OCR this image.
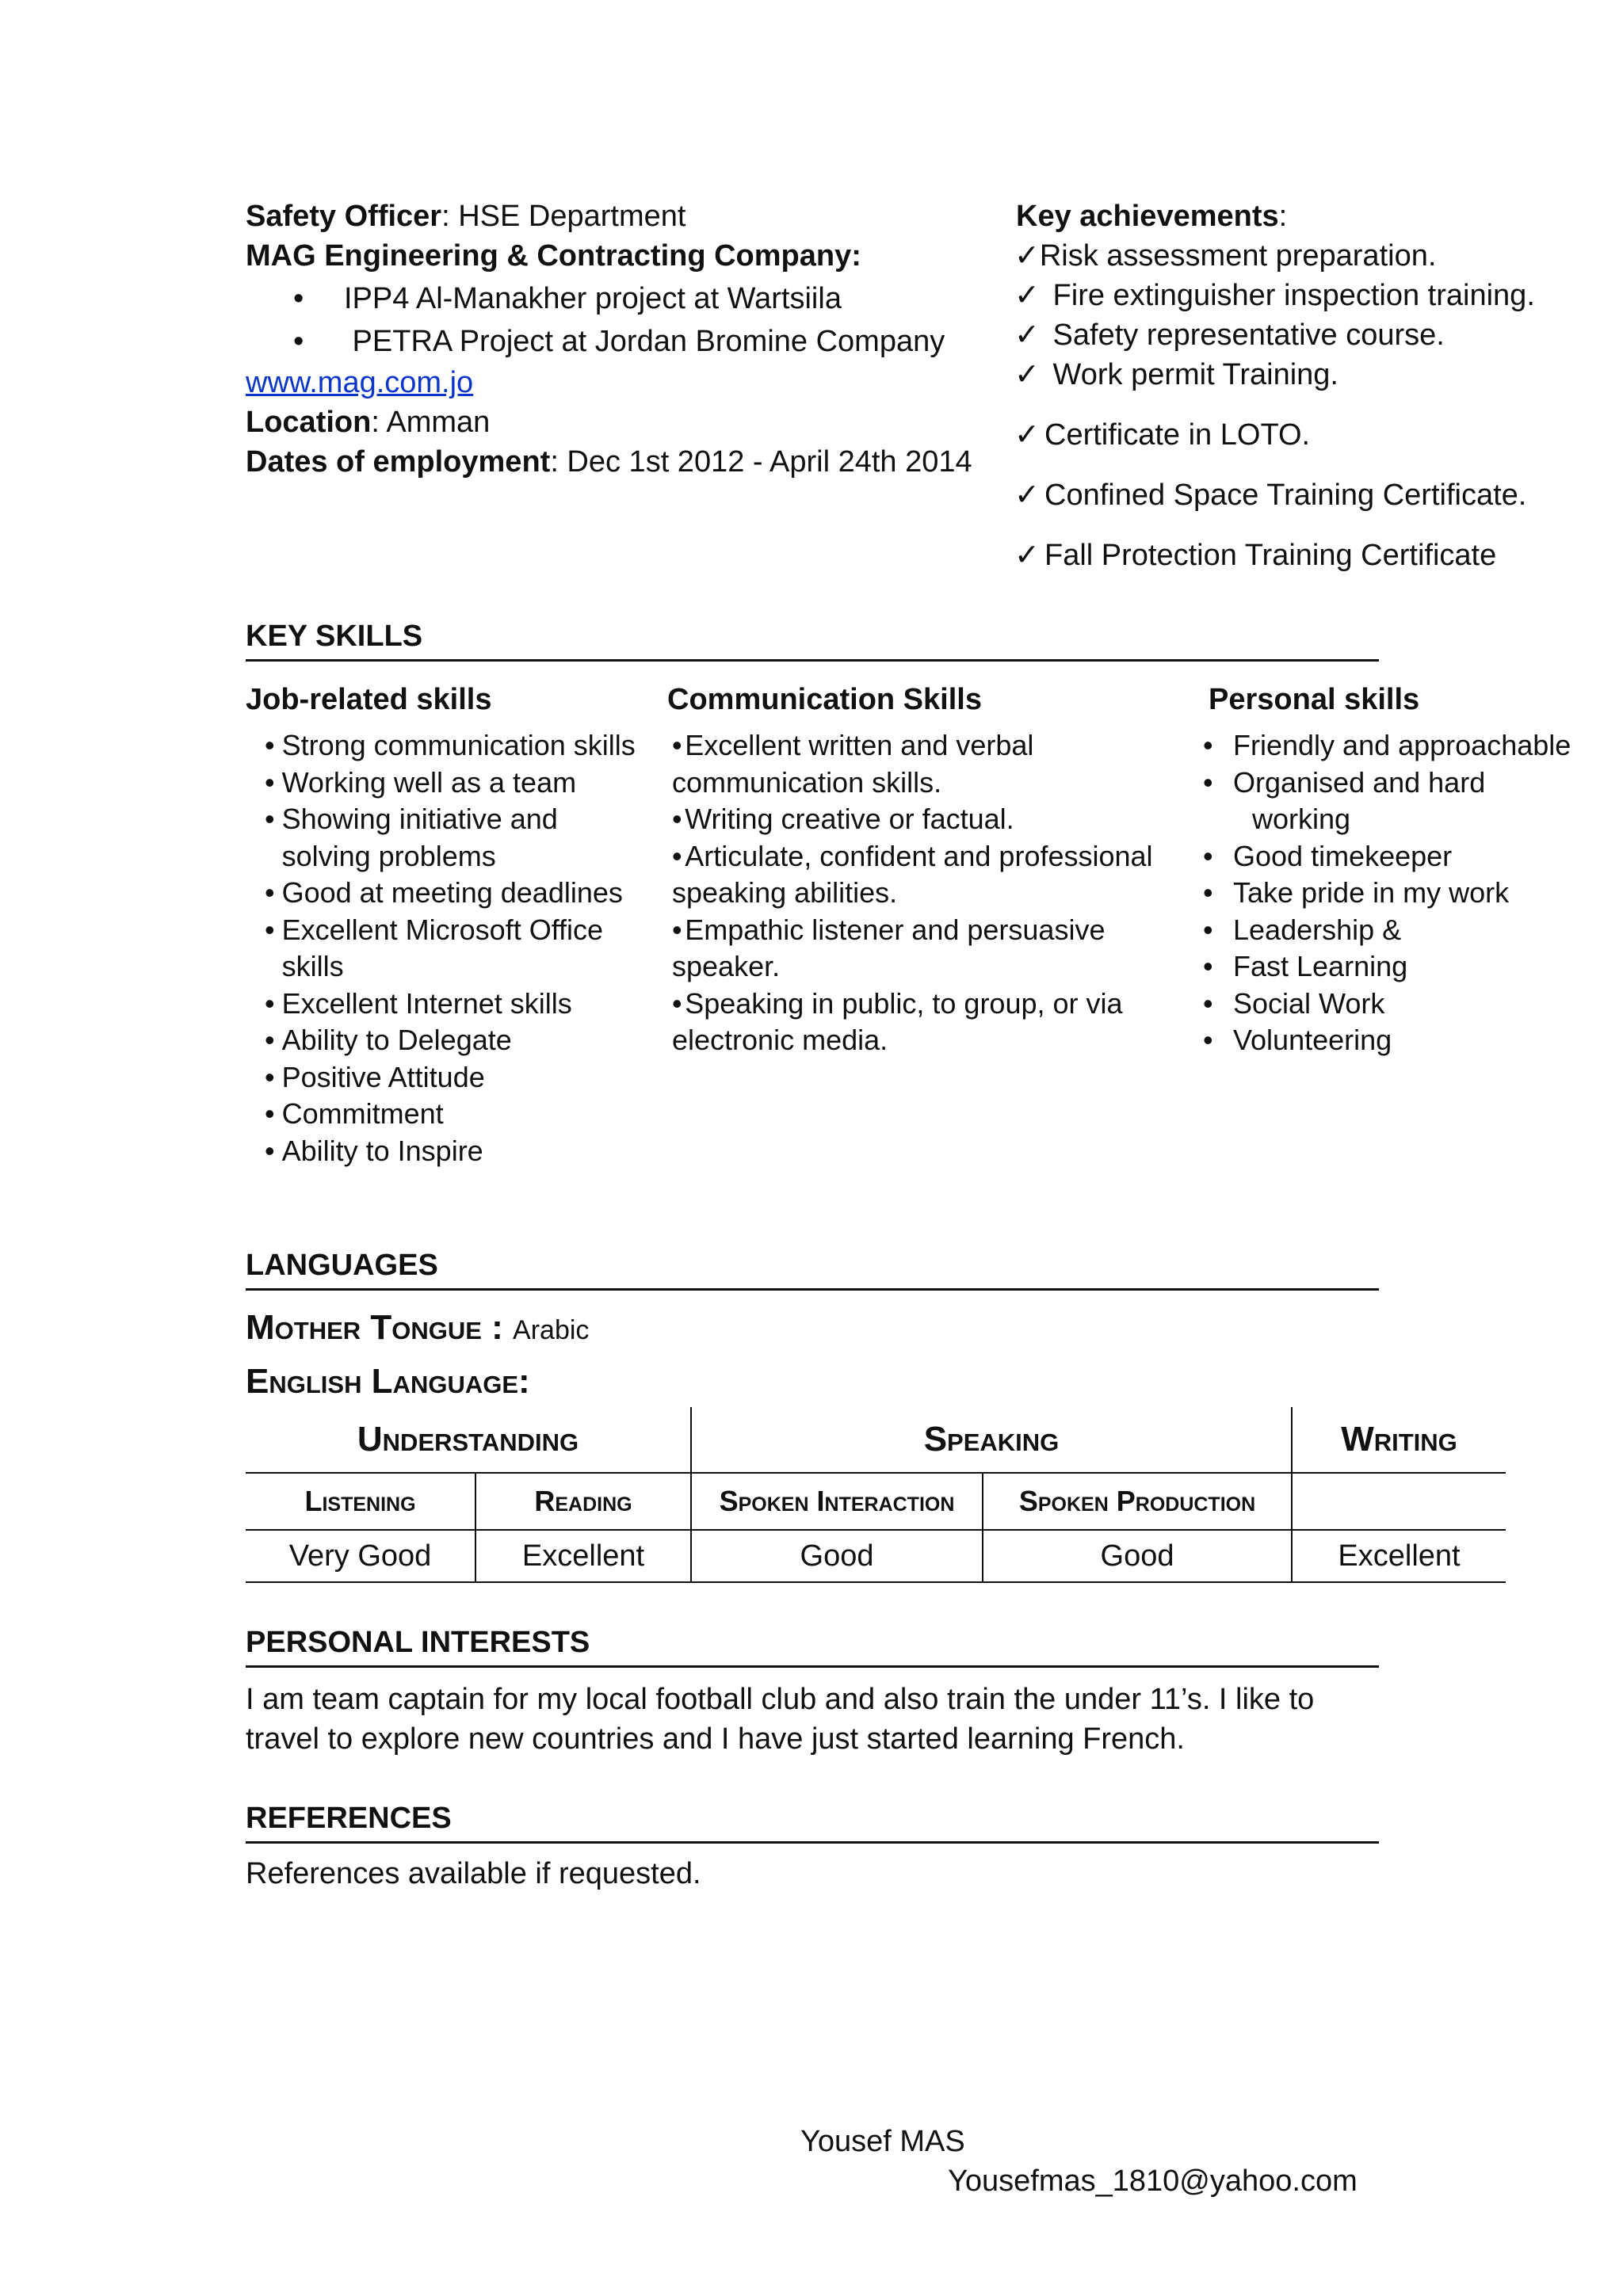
Safety Officer: HSE Department
MAG Engineering & Contracting Company:
• IPP4 Al-Manakher project at Wartsiila
• PETRA Project at Jordan Bromine Company
www.mag.com.jo
Location: Amman
Dates of employment: Dec 1st 2012 - April 24th 2014
Key achievements:
✓Risk assessment preparation.
✓ Fire extinguisher inspection training.
✓ Safety representative course.
✓ Work permit Training.
✓ Certificate in LOTO.
✓ Confined Space Training Certificate.
✓ Fall Protection Training Certificate
KEY SKILLS
Job-related skills	Communication Skills	Personal skills
• Strong communication skills
• Working well as a team
• Showing initiative and
solving problems
• Good at meeting deadlines
• Excellent Microsoft Office
skills
• Excellent Internet skills
• Ability to Delegate
• Positive Attitude
• Commitment
• Ability to Inspire
•Excellent written and verbal
communication skills.
•Writing creative or factual.
•Articulate, confident and professional
speaking abilities.
•Empathic listener and persuasive
speaker.
•Speaking in public, to group, or via
electronic media.
• Friendly and approachable
• Organised and hard
working
• Good timekeeper
• Take pride in my work
• Leadership &
• Fast Learning
• Social Work
• Volunteering
LANGUAGES
Mother Tongue : Arabic
English Language:
Understanding		Speaking		Writing
Listening	Reading	Spoken Interaction	Spoken Production	
Very Good	Excellent	Good	Good	Excellent
PERSONAL INTERESTS
I am team captain for my local football club and also train the under 11’s. I like to
travel to explore new countries and I have just started learning French.
REFERENCES
References available if requested.
Yousef MAS
Yousefmas_1810@yahoo.com
